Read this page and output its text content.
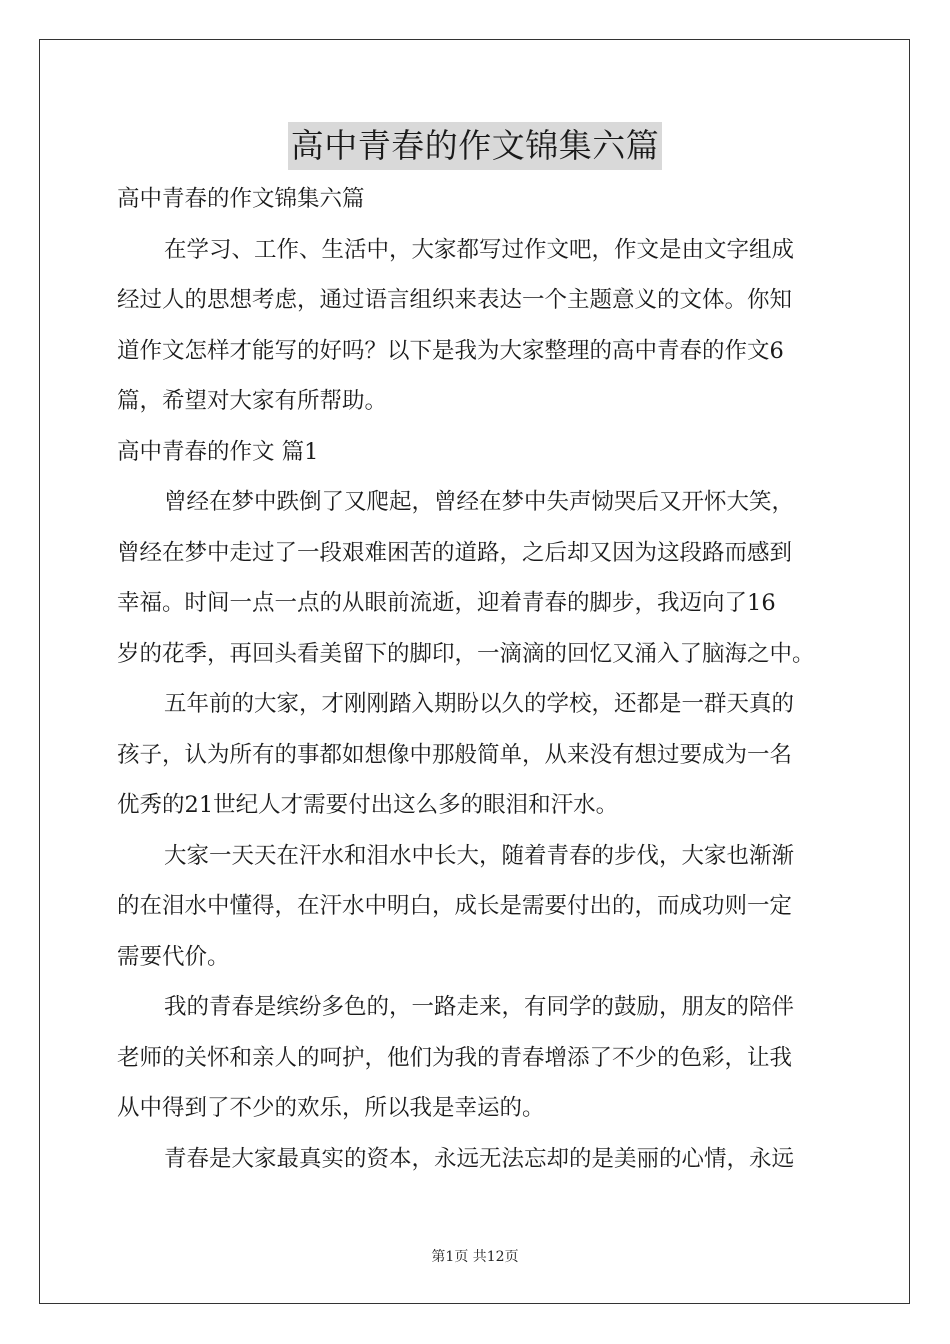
高中青春的作文锦集六篇
高中青春的作文锦集六篇
在学习、工作、生活中，大家都写过作文吧，作文是由文字组成
经过人的思想考虑，通过语言组织来表达一个主题意义的文体。你知
道作文怎样才能写的好吗？以下是我为大家整理的高中青春的作文6
篇，希望对大家有所帮助。
高中青春的作文 篇1
曾经在梦中跌倒了又爬起，曾经在梦中失声恸哭后又开怀大笑，
曾经在梦中走过了一段艰难困苦的道路，之后却又因为这段路而感到
幸福。时间一点一点的从眼前流逝，迎着青春的脚步，我迈向了16
岁的花季，再回头看美留下的脚印，一滴滴的回忆又涌入了脑海之中。
五年前的大家，才刚刚踏入期盼以久的学校，还都是一群天真的
孩子，认为所有的事都如想像中那般简单，从来没有想过要成为一名
优秀的21世纪人才需要付出这么多的眼泪和汗水。
大家一天天在汗水和泪水中长大，随着青春的步伐，大家也渐渐
的在泪水中懂得，在汗水中明白，成长是需要付出的，而成功则一定
需要代价。
我的青春是缤纷多色的，一路走来，有同学的鼓励，朋友的陪伴
老师的关怀和亲人的呵护，他们为我的青春增添了不少的色彩，让我
从中得到了不少的欢乐，所以我是幸运的。
青春是大家最真实的资本，永远无法忘却的是美丽的心情，永远
第1页 共12页
